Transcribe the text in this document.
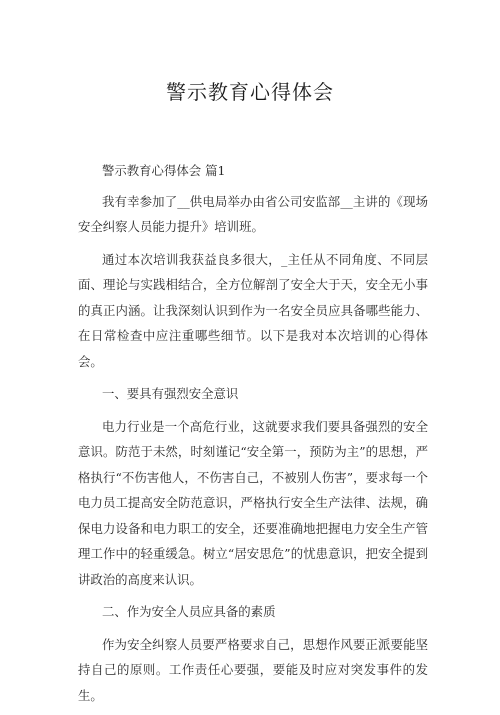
警示教育心得体会

警示教育心得体会 篇1

我有幸参加了__供电局举办由省公司安监部__主讲的《现场安全纠察人员能力提升》培训班。

通过本次培训我获益良多很大，_主任从不同角度、不同层面、理论与实践相结合，全方位解剖了安全大于天，安全无小事的真正内涵。让我深刻认识到作为一名安全员应具备哪些能力、在日常检查中应注重哪些细节。以下是我对本次培训的心得体会。

一、要具有强烈安全意识

电力行业是一个高危行业，这就要求我们要具备强烈的安全意识。防范于未然，时刻谨记“安全第一，预防为主”的思想，严格执行“不伤害他人，不伤害自己，不被别人伤害”，要求每一个电力员工提高安全防范意识，严格执行安全生产法律、法规，确保电力设备和电力职工的安全，还要准确地把握电力安全生产管理工作中的轻重缓急。树立“居安思危”的忧患意识，把安全提到讲政治的高度来认识。

二、作为安全人员应具备的素质

作为安全纠察人员要严格要求自己，思想作风要正派要能坚持自己的原则。工作责任心要强，要能及时应对突发事件的发生。
